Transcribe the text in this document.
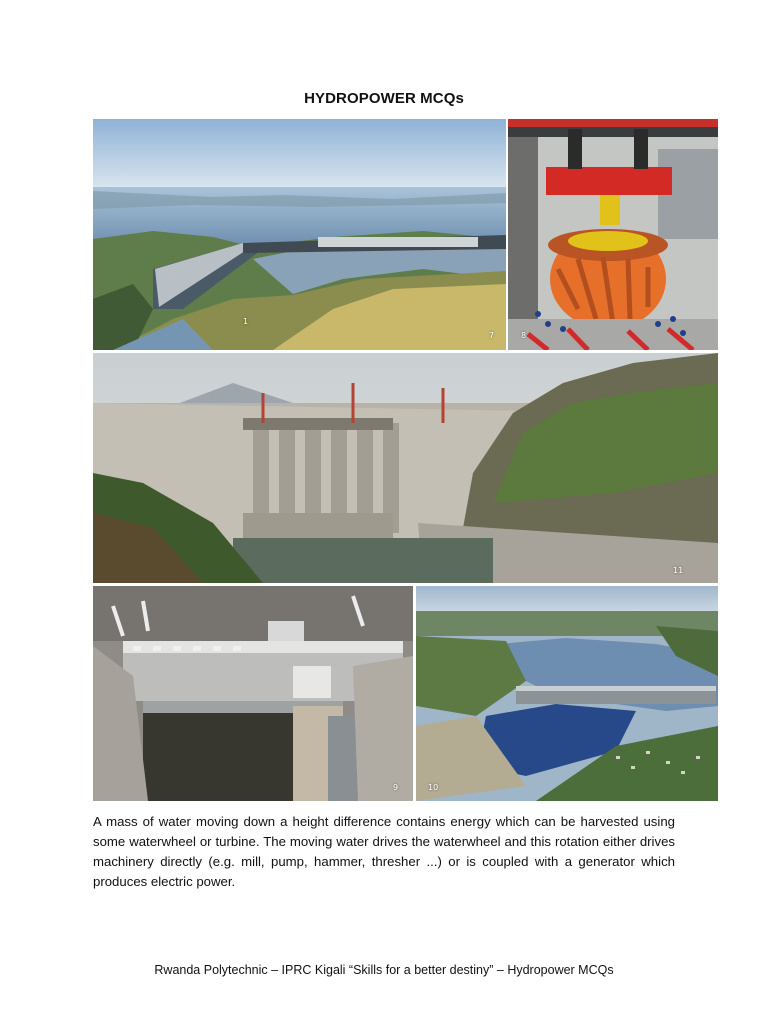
HYDROPOWER MCQs
1
7	8
11
9	10
A mass of water moving down a height difference contains energy which can be harvested using some waterwheel or turbine. The moving water drives the waterwheel and this rotation either drives machinery directly (e.g. mill, pump, hammer, thresher ...) or is coupled with a generator which produces electric power.
Rwanda Polytechnic – IPRC Kigali “Skills for a better destiny” – Hydropower MCQs
